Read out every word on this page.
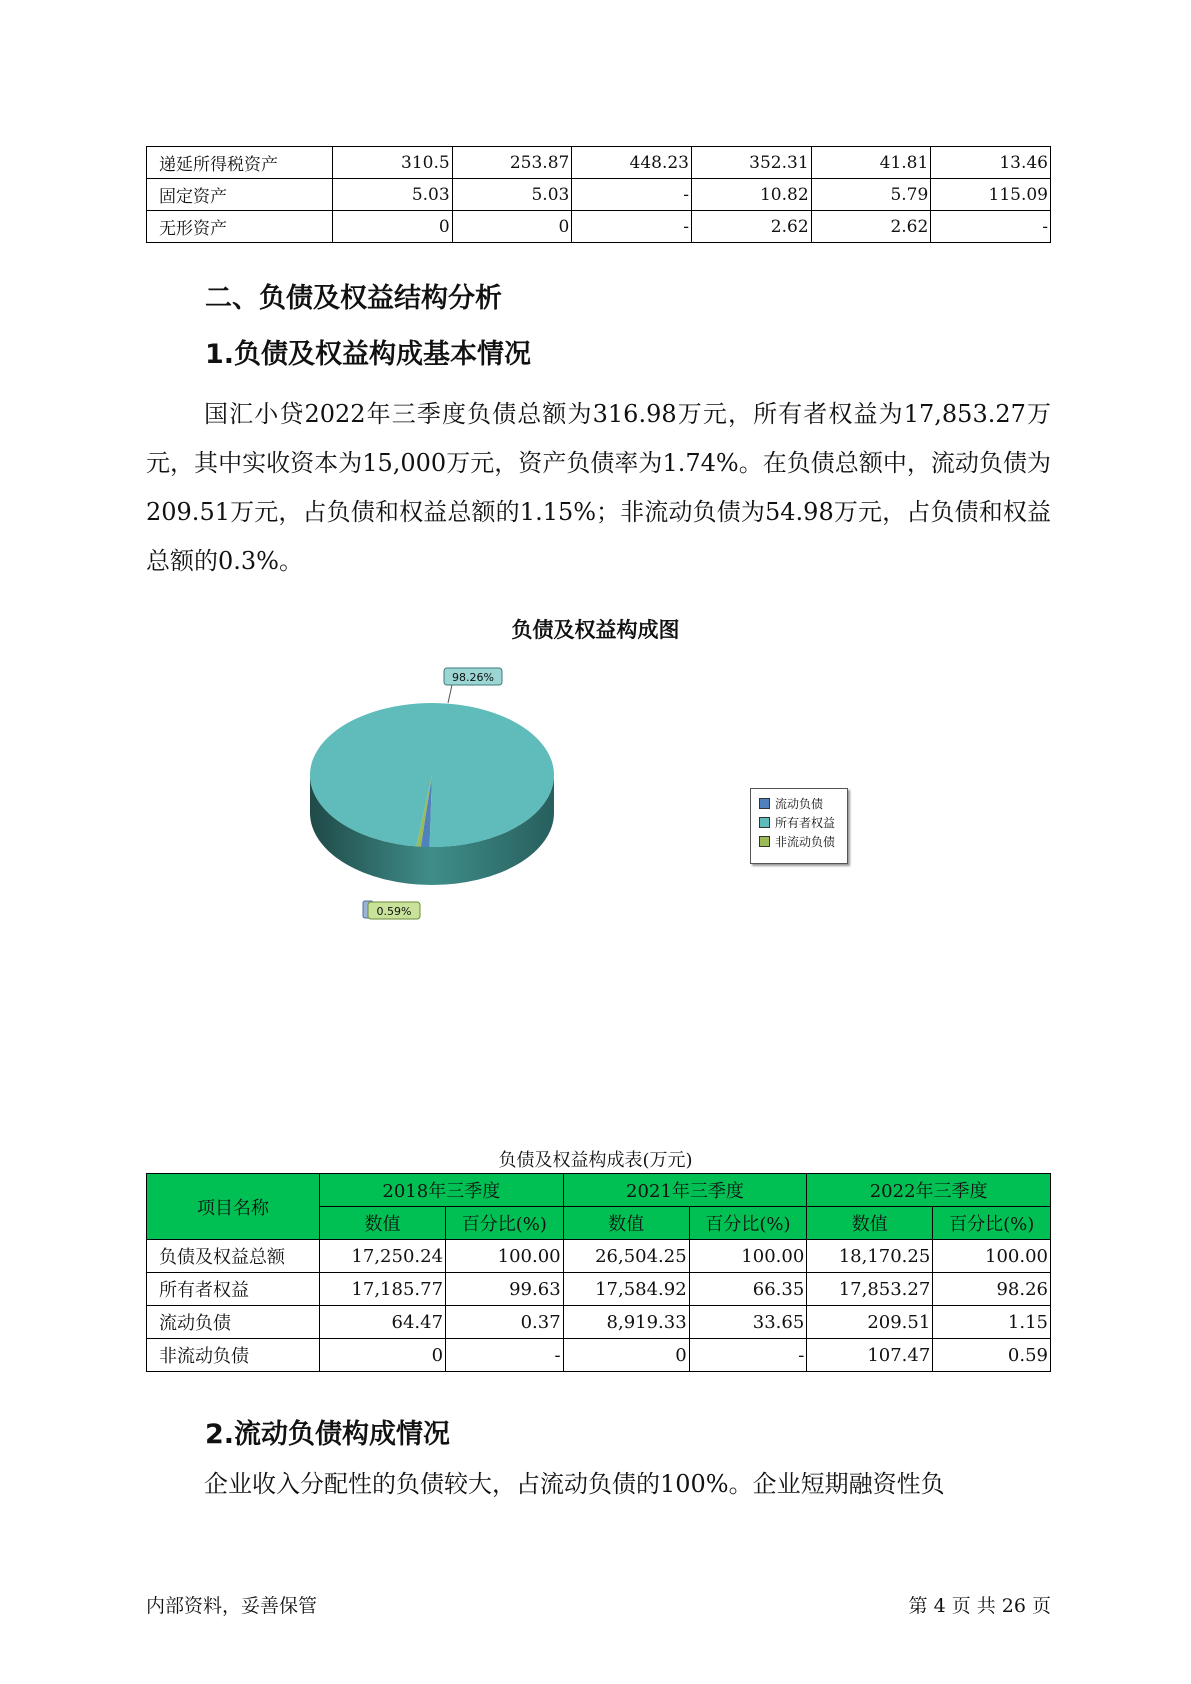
递延所得税资产	310.5	253.87	448.23	352.31	41.81	13.46
固定资产	5.03	5.03	-	10.82	5.79	115.09
无形资产	0	0	-	2.62	2.62	-
二、负债及权益结构分析
1.负债及权益构成基本情况

国汇小贷2022年三季度负债总额为316.98万元，所有者权益为17,853.27万元，其中实收资本为15,000万元，资产负债率为1.74%。在负债总额中，流动负债为209.51万元，占负债和权益总额的1.15%；非流动负债为54.98万元，占负债和权益总额的0.3%。

负债及权益构成图
98.26%
0.59%
流动负债
所有者权益
非流动负债
负债及权益构成表(万元)
项目名称	2018年三季度		2021年三季度		2022年三季度	
	数值	百分比(%)	数值	百分比(%)	数值	百分比(%)
负债及权益总额	17,250.24	100.00	26,504.25	100.00	18,170.25	100.00
所有者权益	17,185.77	99.63	17,584.92	66.35	17,853.27	98.26
流动负债	64.47	0.37	8,919.33	33.65	209.51	1.15
非流动负债	0	-	0	-	107.47	0.59
2.流动负债构成情况

企业收入分配性的负债较大，占流动负债的100%。企业短期融资性负

内部资料，妥善保管	第 4 页 共 26 页
